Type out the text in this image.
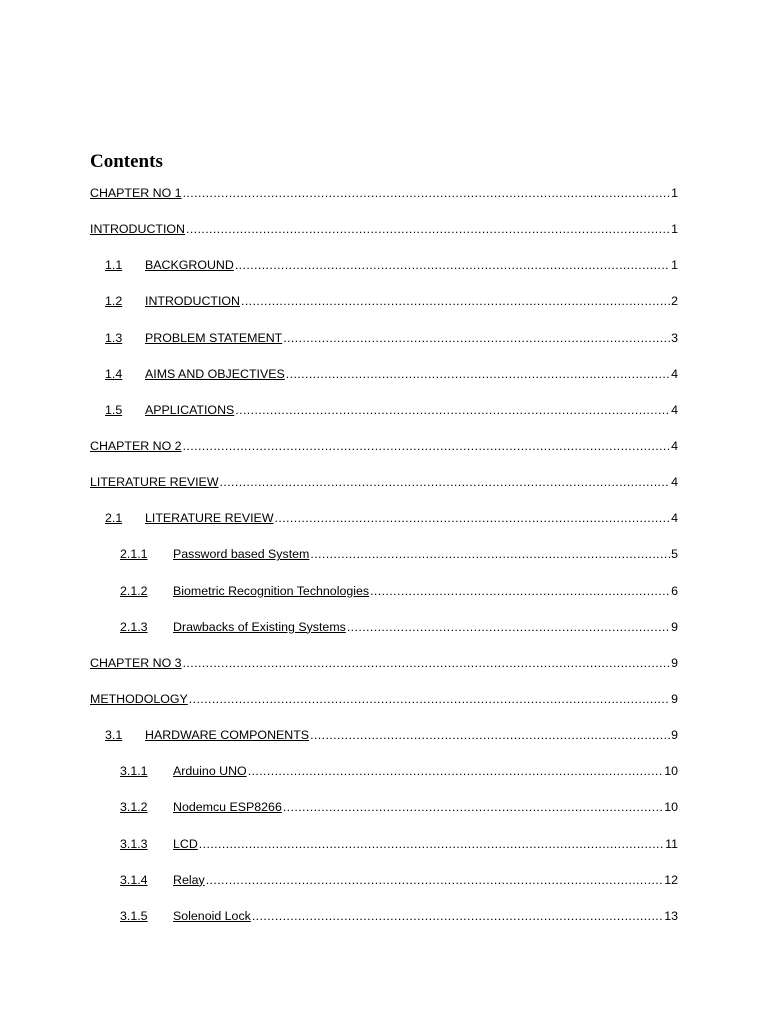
Contents
CHAPTER NO 1 .....	1
INTRODUCTION .....	1
1.1	BACKGROUND .....	1
1.2	INTRODUCTION .....	2
1.3	PROBLEM STATEMENT .....	3
1.4	AIMS AND OBJECTIVES .....	4
1.5	APPLICATIONS .....	4
CHAPTER NO 2 .....	4
LITERATURE REVIEW .....	4
2.1	LITERATURE REVIEW .....	4
2.1.1	Password based System .....	5
2.1.2	Biometric Recognition Technologies .....	6
2.1.3	Drawbacks of Existing Systems .....	9
CHAPTER NO 3 .....	9
METHODOLOGY .....	9
3.1	HARDWARE COMPONENTS .....	9
3.1.1	Arduino UNO .....	10
3.1.2	Nodemcu ESP8266 .....	10
3.1.3	LCD .....	11
3.1.4	Relay .....	12
3.1.5	Solenoid Lock .....	13
